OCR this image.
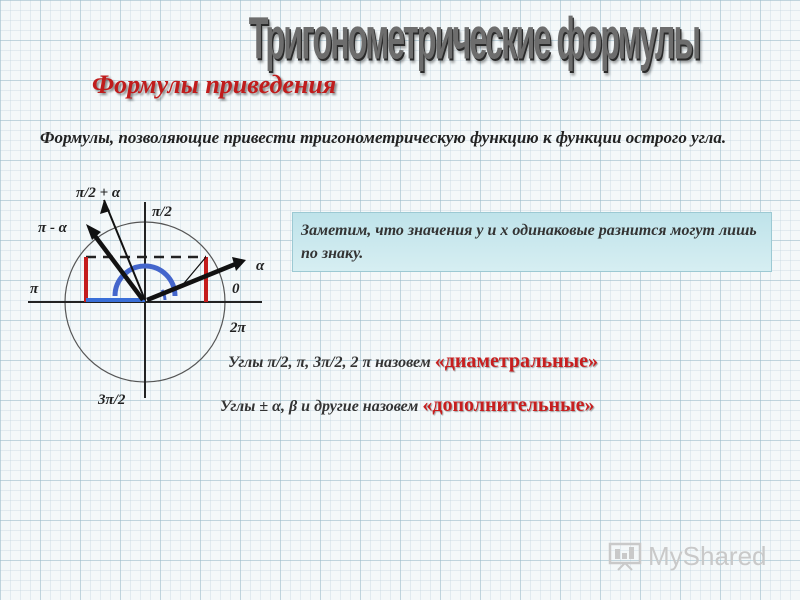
Тригонометрические формулы
Формулы приведения
Формулы, позволяющие привести тригонометрическую функцию к функции острого угла.
π/2 + α
π - α
π/2
α
π	0
2π
3π/2
Заметим, что значения y и x одинаковые разнится могут лишь по знаку.
Углы π/2, π, 3π/2, 2 π назовем «диаметральные»
Углы ± α, β и другие назовем «дополнительные»
MyShared
